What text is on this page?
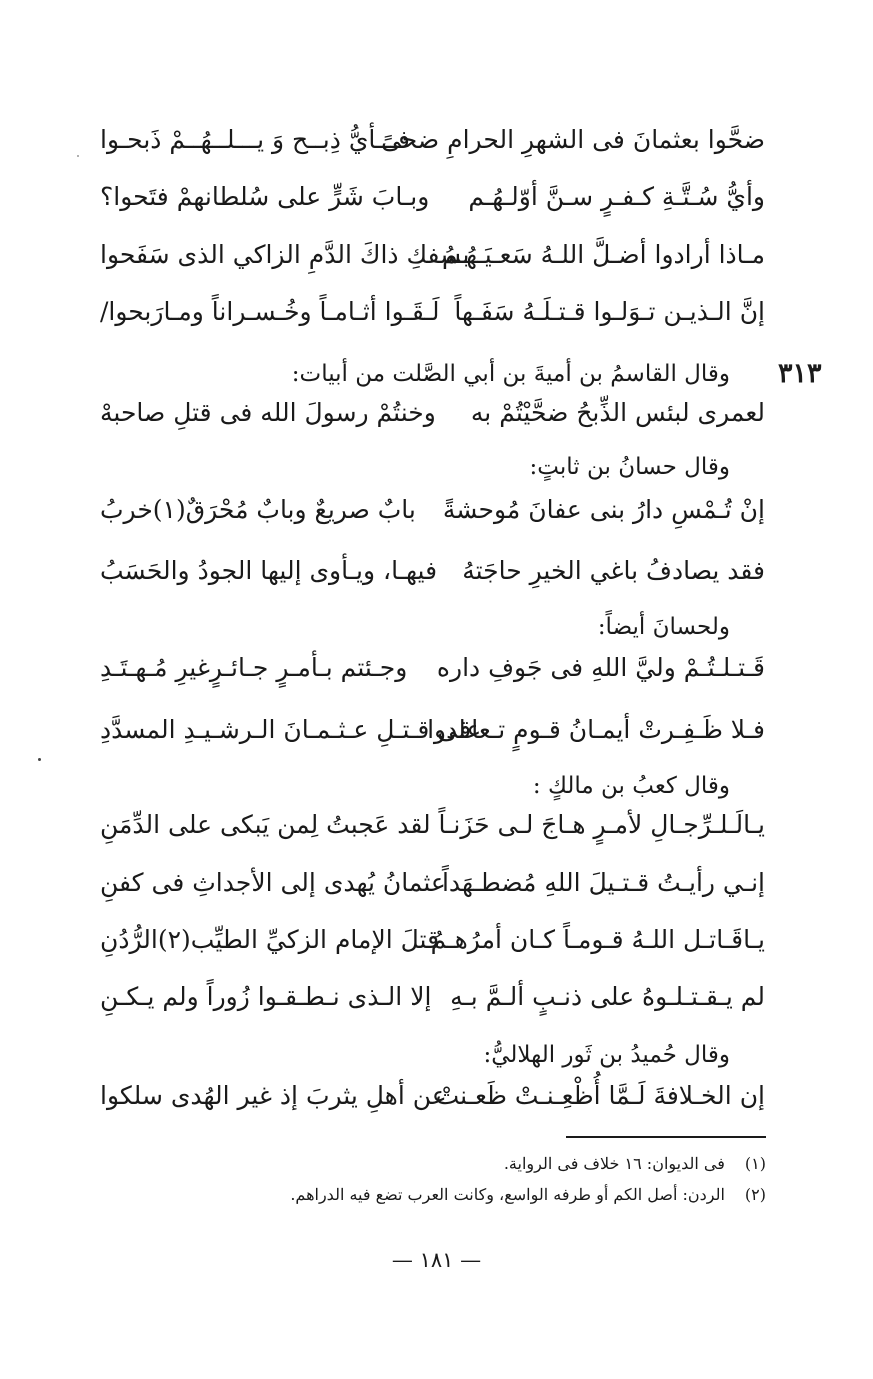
٣١٣
ضحَّوا بعثمانَ فى الشهرِ الحرامِ ضحىً
فـــأيُّ ذِبــح وَ يـــلــهُــمْ ذَبحـوا
وأيُّ سُـتَّـةِ كـفـرٍ سـنَّ أوّلـهُـم
وبـابَ شَرٍّ على سُلطانهمْ فتَحوا؟
مـاذا أرادوا أضـلَّ اللـهُ سَعـيَـهُـمُ
بسفكِ ذاكَ الدَّمِ الزاكي الذى سَفَحوا
إنَّ الـذيـن تـوَلـوا قـتـلَـهُ سَفَـهاً
لَـقَـوا أثـامـاً وخُـسـراناً ومـارَبحوا/
وقال القاسمُ بن أميةَ بن أبي الصَّلت من أبيات:
لعمرى لبئس الذِّبحُ ضحَّيْتُمْ به
وخنتُمْ رسولَ الله فى قتلِ صاحبهْ
وقال حسانُ بن ثابتٍ:
إنْ تُـمْسِ دارُ بنى عفانَ مُوحشةً
بابٌ صريعٌ وبابٌ مُحْرَقٌ(١)خربُ
فقد يصادفُ باغي الخيرِ حاجَتهُ
فيهـا، ويـأوى إليها الجودُ والحَسَبُ
ولحسانَ أيضاً:
قَـتـلـتُـمْ وليَّ اللهِ فى جَوفِ داره
وجـئتم بـأمـرٍ جـائـرٍغيرِ مُـهـتَـدِ
فـلا ظَـفِـرتْ أيمـانُ قـومٍ تـعاقدوا
على قـتـلِ عـثـمـانَ الـرشـيـدِ المسدَّدِ
وقال كعبُ بن مالكٍ :
يـالَـلـرِّجـالِ لأمـرٍ هـاجَ لـى حَزَنـاً
لقد عَجبتُ لِمن يَبكى على الدِّمَنِ
إنـي رأيـتُ قـتـيلَ اللهِ مُضطـهَداً
عثمانُ يُهدى إلى الأجداثِ فى كفنِ
يـاقَـاتـل اللـهُ قـومـاً كـان أمرُهـمُ
قتلَ الإمام الزكيِّ الطيِّب(٢)الرُّدُنِ
لم يـقـتـلـوهُ على ذنـبٍ ألـمَّ بـهِ
إلا الـذى نـطـقـوا زُوراً ولم يـكـنِ
وقال حُميدُ بن ثَور الهلاليُّ:
إن الخـلافةَ لَـمَّا أُظْعِـنـتْ ظَعـنتْ
عن أهلِ يثربَ إذ غير الهُدى سلكوا
(١) فى الديوان: ١٦ خلاف فى الرواية.
(٢) الردن: أصل الكم أو طرفه الواسع، وكانت العرب تضع فيه الدراهم.
— ١٨١ —
